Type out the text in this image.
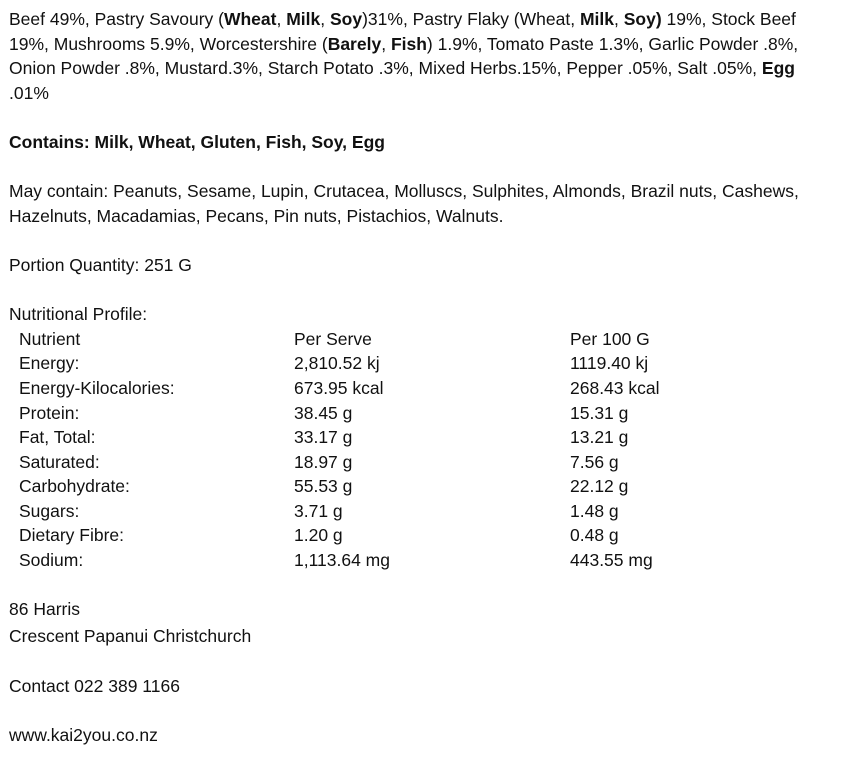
Beef 49%, Pastry Savoury (Wheat, Milk, Soy)31%, Pastry Flaky (Wheat, Milk, Soy) 19%, Stock Beef 19%, Mushrooms 5.9%, Worcestershire (Barely, Fish) 1.9%, Tomato Paste 1.3%, Garlic Powder .8%, Onion Powder .8%, Mustard.3%, Starch Potato .3%, Mixed Herbs.15%, Pepper .05%, Salt .05%, Egg .01%

Contains: Milk, Wheat, Gluten, Fish, Soy, Egg

May contain: Peanuts, Sesame, Lupin, Crutacea, Molluscs, Sulphites, Almonds, Brazil nuts, Cashews, Hazelnuts, Macadamias, Pecans, Pin nuts, Pistachios, Walnuts.

Portion Quantity: 251 G

Nutritional Profile:

Nutrient	Per Serve	Per 100 G
Energy:	2,810.52 kj	1119.40 kj
Energy-Kilocalories:	673.95 kcal	268.43 kcal
Protein:	38.45 g	15.31 g
Fat, Total:	33.17 g	13.21 g
Saturated:	18.97 g	7.56 g
Carbohydrate:	55.53 g	22.12 g
Sugars:	3.71 g	1.48 g
Dietary Fibre:	1.20 g	0.48 g
Sodium:	1,113.64 mg	443.55 mg

86 Harris

Crescent Papanui Christchurch

Contact 022 389 1166

www.kai2you.co.nz
